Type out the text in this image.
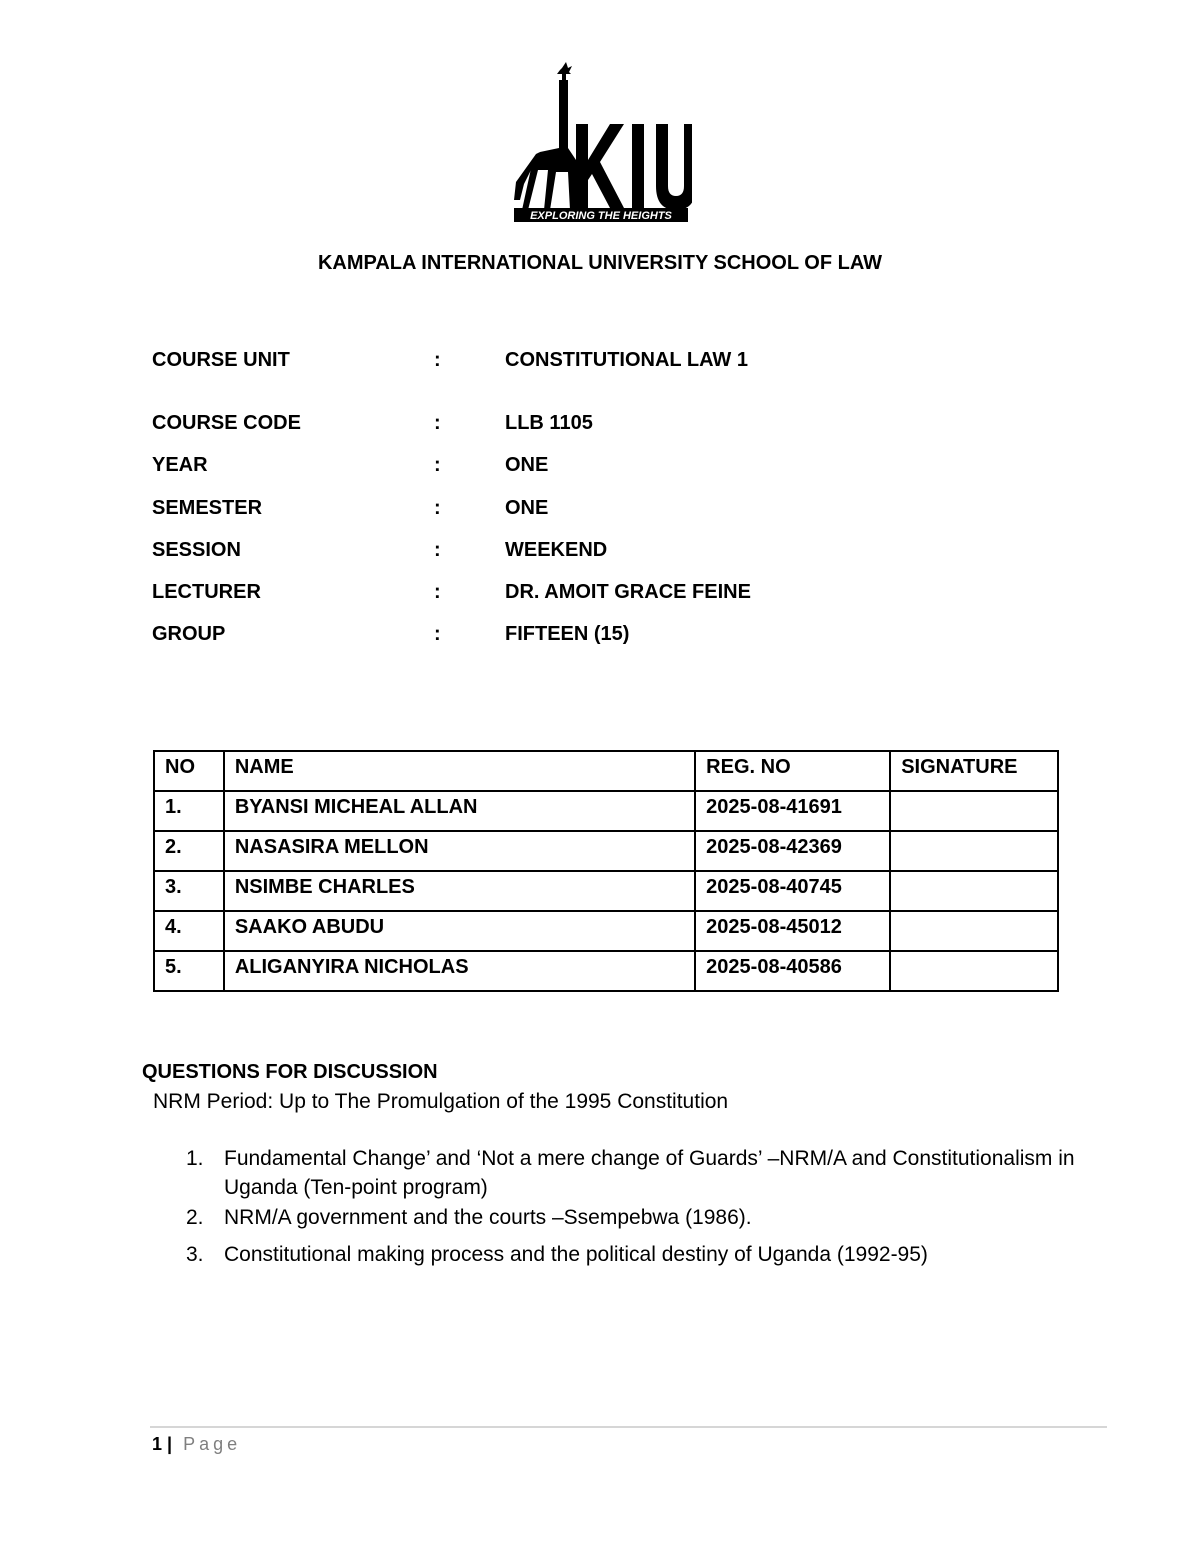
EXPLORING THE HEIGHTS
KAMPALA INTERNATIONAL UNIVERSITY SCHOOL OF LAW
COURSE UNIT	:	CONSTITUTIONAL LAW 1
COURSE CODE	:	LLB 1105
YEAR	:	ONE
SEMESTER	:	ONE
SESSION	:	WEEKEND
LECTURER	:	DR. AMOIT GRACE FEINE
GROUP	:	FIFTEEN (15)
NO	NAME	REG. NO	SIGNATURE
1.	BYANSI MICHEAL ALLAN	2025-08-41691	
2.	NASASIRA MELLON	2025-08-42369	
3.	NSIMBE CHARLES	2025-08-40745	
4.	SAAKO ABUDU	2025-08-45012	
5.	ALIGANYIRA NICHOLAS	2025-08-40586	
QUESTIONS FOR DISCUSSION
NRM Period: Up to The Promulgation of the 1995 Constitution
1. Fundamental Change’ and ‘Not a mere change of Guards’ –NRM/A and Constitutionalism in Uganda (Ten-point program)
2. NRM/A government and the courts –Ssempebwa (1986).
3. Constitutional making process and the political destiny of Uganda (1992-95)
1 | Page
